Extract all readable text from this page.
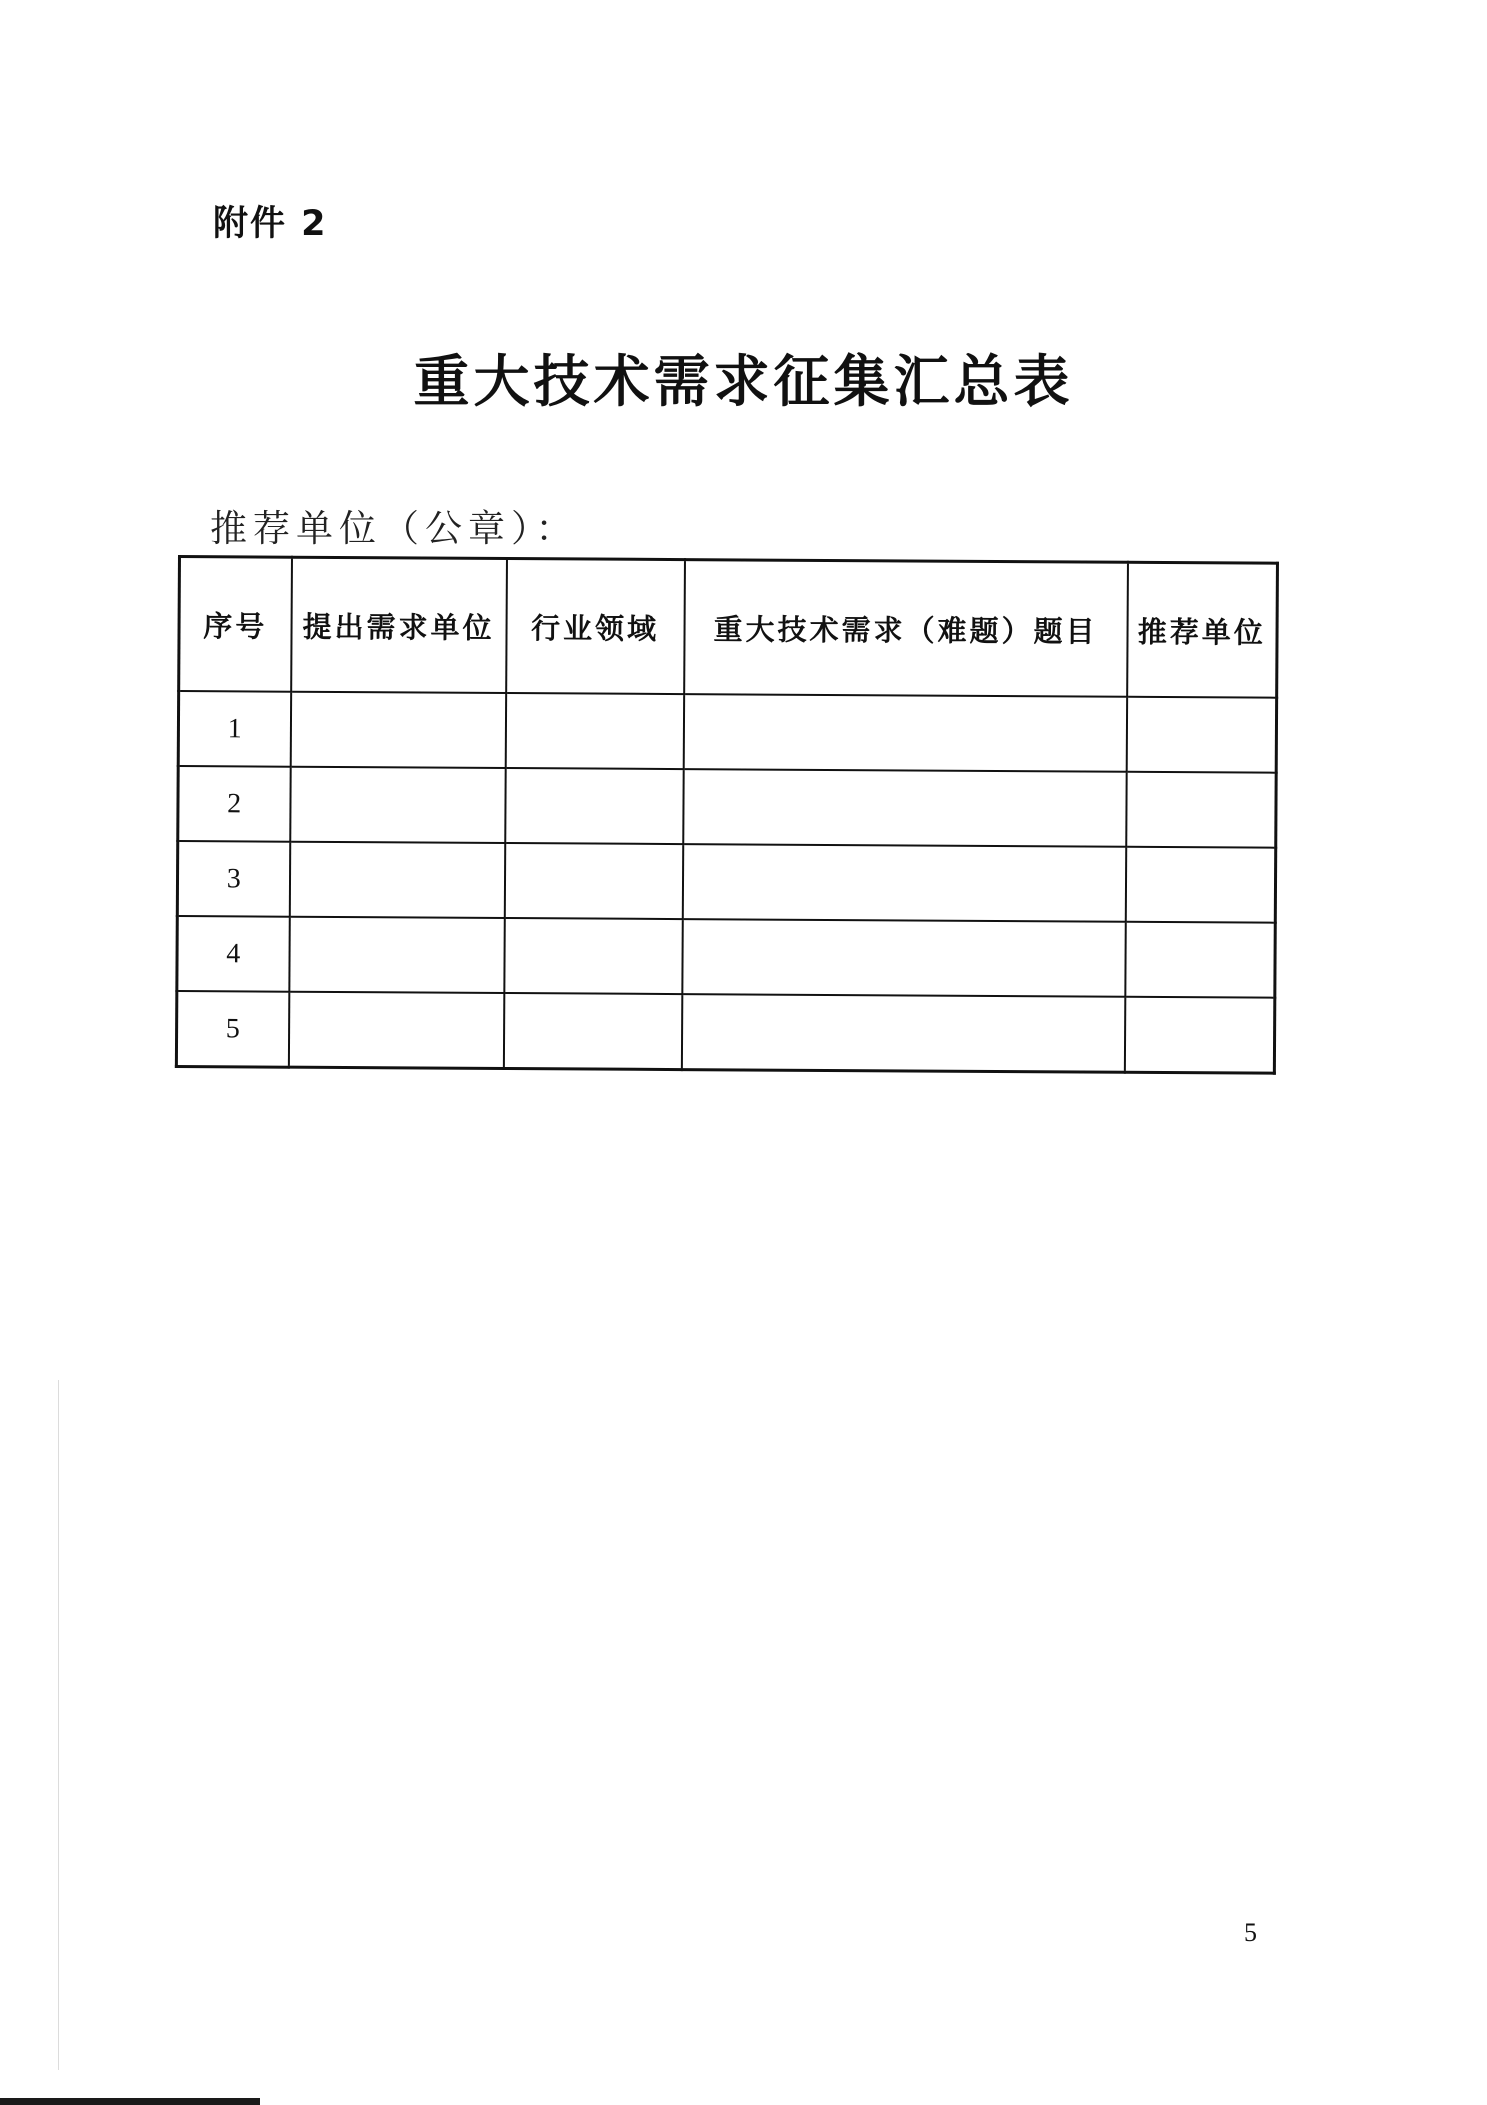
附件 2
重大技术需求征集汇总表
推荐单位（公章）：
序号	提出需求单位	行业领域	重大技术需求（难题）题目	推荐单位
1				
2				
3				
4				
5				
5
